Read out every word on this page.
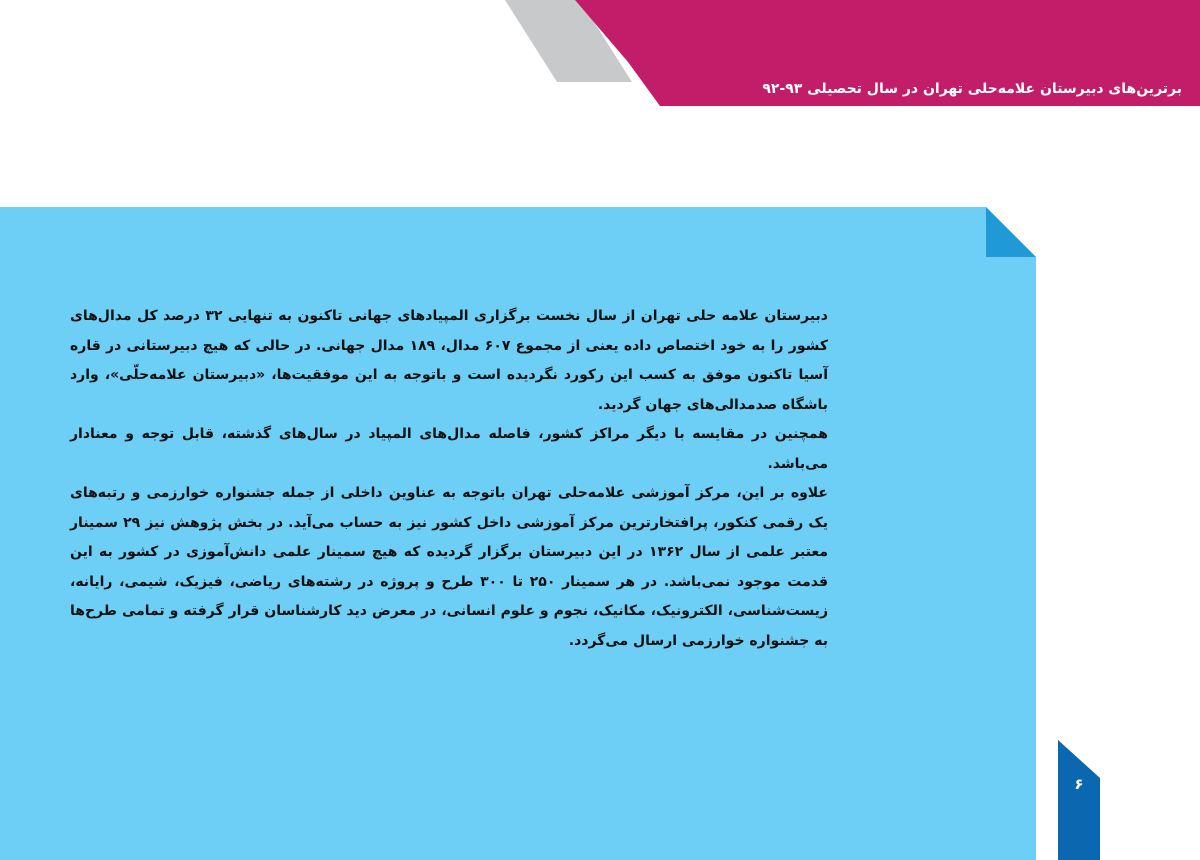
برترین‌های دبیرستان علامه‌حلی تهران در سال تحصیلی ۹۳-۹۲

دبیرستان علامه حلی تهران از سال نخست برگزاری المپیادهای جهانی تاکنون به تنهایی ۳۲ درصد کل مدال‌های کشور را به خود اختصاص داده یعنی از مجموع ۶۰۷ مدال، ۱۸۹ مدال جهانی. در حالی که هیچ دبیرستانی در قاره آسیا تاکنون موفق به کسب این رکورد نگردیده است و باتوجه به این موفقیت‌ها، «دبیرستان علامه‌حلّی»، وارد باشگاه صدمدالی‌های جهان گردید.

همچنین در مقایسه با دیگر مراکز کشور، فاصله مدال‌های المپیاد در سال‌های گذشته، قابل توجه و معنادار می‌باشد.

علاوه بر این، مرکز آموزشی علامه‌حلی تهران باتوجه به عناوین داخلی از جمله جشنواره خوارزمی و رتبه‌های یک رقمی کنکور، پرافتخارترین مرکز آموزشی داخل کشور نیز به حساب می‌آید. در بخش پژوهش نیز ۲۹ سمینار معتبر علمی از سال ۱۳۶۲ در این دبیرستان برگزار گردیده که هیچ سمینار علمی دانش‌آموزی در کشور به این قدمت موجود نمی‌باشد. در هر سمینار ۲۵۰ تا ۳۰۰ طرح و پروژه در رشته‌های ریاضی، فیزیک، شیمی، رایانه، زیست‌شناسی، الکترونیک، مکانیک، نجوم و علوم انسانی، در معرض دید کارشناسان قرار گرفته و تمامی طرح‌ها به جشنواره خوارزمی ارسال می‌گردد.

۶
